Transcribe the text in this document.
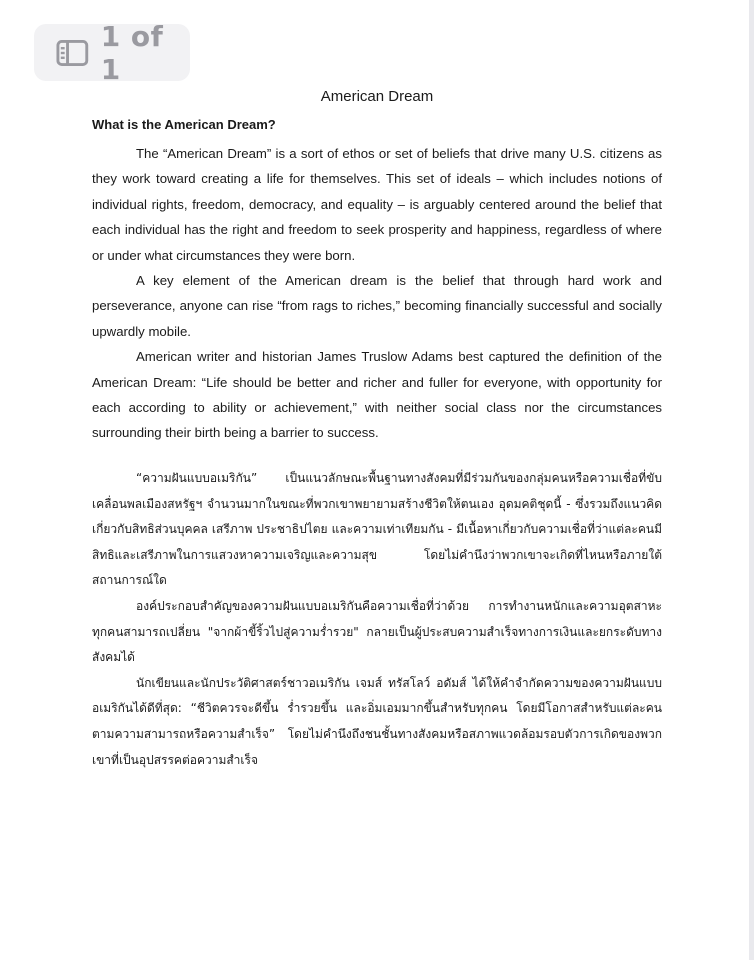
1 of 1
American Dream
What is the American Dream?

The “American Dream” is a sort of ethos or set of beliefs that drive many U.S. citizens as they work toward creating a life for themselves. This set of ideals – which includes notions of individual rights, freedom, democracy, and equality – is arguably centered around the belief that each individual has the right and freedom to seek prosperity and happiness, regardless of where or under what circumstances they were born.

A key element of the American dream is the belief that through hard work and perseverance, anyone can rise “from rags to riches,” becoming financially successful and socially upwardly mobile.

American writer and historian James Truslow Adams best captured the definition of the American Dream: “Life should be better and richer and fuller for everyone, with opportunity for each according to ability or achievement,” with neither social class nor the circumstances surrounding their birth being a barrier to success.

“ความฝันแบบอเมริกัน” เป็นแนวลักษณะพื้นฐานทางสังคมที่มีร่วมกันของกลุ่มคนหรือความเชื่อที่ขับเคลื่อนพลเมืองสหรัฐฯ จำนวนมากในขณะที่พวกเขาพยายามสร้างชีวิตให้ตนเอง อุดมคติชุดนี้ - ซึ่งรวมถึงแนวคิดเกี่ยวกับสิทธิส่วนบุคคล เสรีภาพ ประชาธิปไตย และความเท่าเทียมกัน - มีเนื้อหาเกี่ยวกับความเชื่อที่ว่าแต่ละคนมีสิทธิและเสรีภาพในการแสวงหาความเจริญและความสุข โดยไม่คำนึงว่าพวกเขาจะเกิดที่ไหนหรือภายใต้สถานการณ์ใด

องค์ประกอบสำคัญของความฝันแบบอเมริกันคือความเชื่อที่ว่าด้วย การทำงานหนักและความอุตสาหะ ทุกคนสามารถเปลี่ยน "จากผ้าขี้ริ้วไปสู่ความร่ำรวย" กลายเป็นผู้ประสบความสำเร็จทางการเงินและยกระดับทางสังคมได้

นักเขียนและนักประวัติศาสตร์ชาวอเมริกัน เจมส์ ทรัสโลว์ อดัมส์ ได้ให้คำจำกัดความของความฝันแบบอเมริกันได้ดีที่สุด: “ชีวิตควรจะดีขึ้น ร่ำรวยขึ้น และอิ่มเอมมากขึ้นสำหรับทุกคน โดยมีโอกาสสำหรับแต่ละคนตามความสามารถหรือความสำเร็จ” โดยไม่คำนึงถึงชนชั้นทางสังคมหรือสภาพแวดล้อมรอบตัวการเกิดของพวกเขาที่เป็นอุปสรรคต่อความสำเร็จ
